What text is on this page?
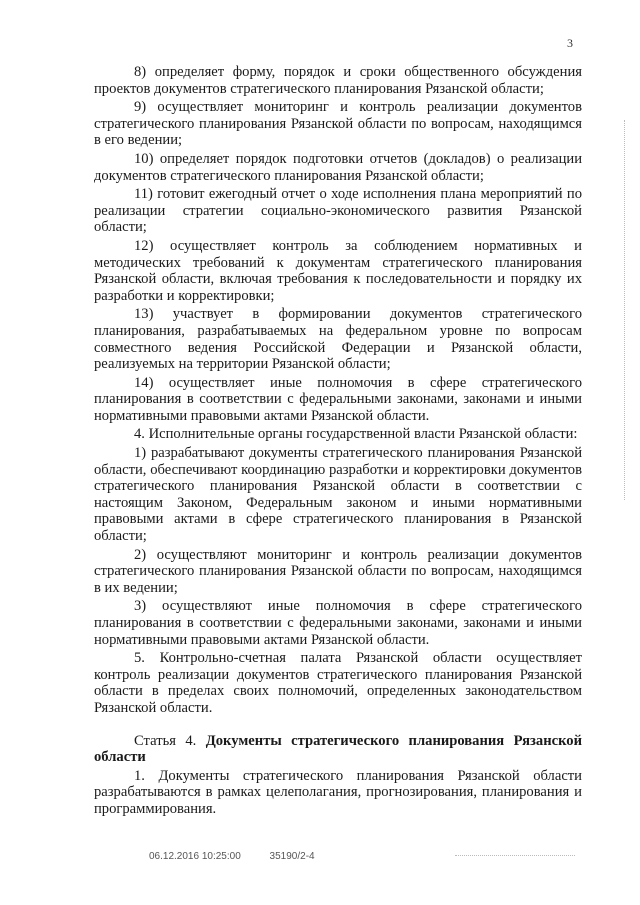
3

8) определяет форму, порядок и сроки общественного обсуждения проектов документов стратегического планирования Рязанской области;

9) осуществляет мониторинг и контроль реализации документов стратегического планирования Рязанской области по вопросам, находящимся в его ведении;

10) определяет порядок подготовки отчетов (докладов) о реализации документов стратегического планирования Рязанской области;

11) готовит ежегодный отчет о ходе исполнения плана мероприятий по реализации стратегии социально-экономического развития Рязанской области;

12) осуществляет контроль за соблюдением нормативных и методических требований к документам стратегического планирования Рязанской области, включая требования к последовательности и порядку их разработки и корректировки;

13) участвует в формировании документов стратегического планирования, разрабатываемых на федеральном уровне по вопросам совместного ведения Российской Федерации и Рязанской области, реализуемых на территории Рязанской области;

14) осуществляет иные полномочия в сфере стратегического планирования в соответствии с федеральными законами, законами и иными нормативными правовыми актами Рязанской области.

4. Исполнительные органы государственной власти Рязанской области:

1) разрабатывают документы стратегического планирования Рязанской области, обеспечивают координацию разработки и корректировки документов стратегического планирования Рязанской области в соответствии с настоящим Законом, Федеральным законом и иными нормативными правовыми актами в сфере стратегического планирования в Рязанской области;

2) осуществляют мониторинг и контроль реализации документов стратегического планирования Рязанской области по вопросам, находящимся в их ведении;

3) осуществляют иные полномочия в сфере стратегического планирования в соответствии с федеральными законами, законами и иными нормативными правовыми актами Рязанской области.

5. Контрольно-счетная палата Рязанской области осуществляет контроль реализации документов стратегического планирования Рязанской области в пределах своих полномочий, определенных законодательством Рязанской области.

Статья 4. Документы стратегического планирования Рязанской области

1. Документы стратегического планирования Рязанской области разрабатываются в рамках целеполагания, прогнозирования, планирования и программирования.

06.12.2016 10:25:00	35190/2-4
